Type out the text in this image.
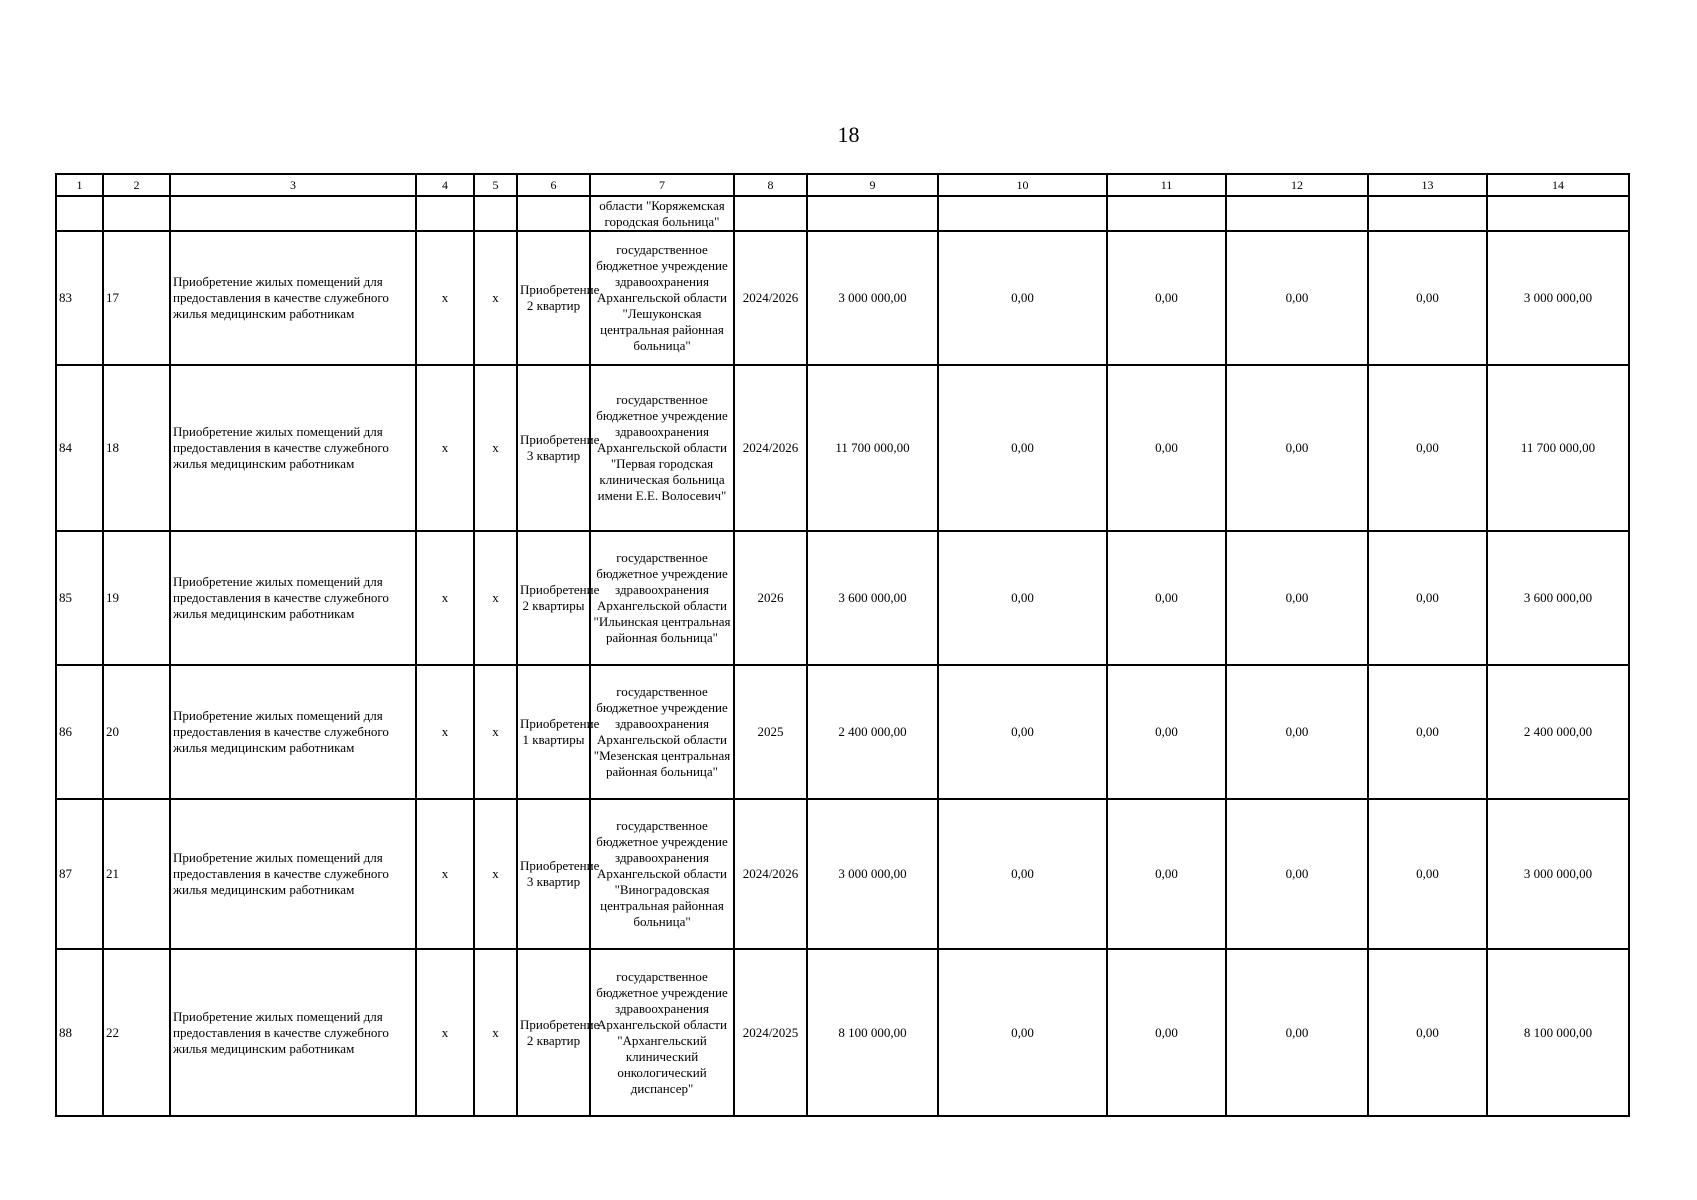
18
1	2	3	4	5	6	7	8	9	10	11	12	13	14
						области "Коряжемская городская больница"							
83	17	Приобретение жилых помещений для предоставления в качестве служебного жилья медицинским работникам	x	x	Приобретение 2 квартир	государственное бюджетное учреждение здравоохранения Архангельской области "Лешуконская центральная районная больница"	2024/2026	3 000 000,00	0,00	0,00	0,00	0,00	3 000 000,00
84	18	Приобретение жилых помещений для предоставления в качестве служебного жилья медицинским работникам	x	x	Приобретение 3 квартир	государственное бюджетное учреждение здравоохранения Архангельской области "Первая городская клиническая больница имени Е.Е. Волосевич"	2024/2026	11 700 000,00	0,00	0,00	0,00	0,00	11 700 000,00
85	19	Приобретение жилых помещений для предоставления в качестве служебного жилья медицинским работникам	x	x	Приобретение 2 квартиры	государственное бюджетное учреждение здравоохранения Архангельской области "Ильинская центральная районная больница"	2026	3 600 000,00	0,00	0,00	0,00	0,00	3 600 000,00
86	20	Приобретение жилых помещений для предоставления в качестве служебного жилья медицинским работникам	x	x	Приобретение 1 квартиры	государственное бюджетное учреждение здравоохранения Архангельской области "Мезенская центральная районная больница"	2025	2 400 000,00	0,00	0,00	0,00	0,00	2 400 000,00
87	21	Приобретение жилых помещений для предоставления в качестве служебного жилья медицинским работникам	x	x	Приобретение 3 квартир	государственное бюджетное учреждение здравоохранения Архангельской области "Виноградовская центральная районная больница"	2024/2026	3 000 000,00	0,00	0,00	0,00	0,00	3 000 000,00
88	22	Приобретение жилых помещений для предоставления в качестве служебного жилья медицинским работникам	x	x	Приобретение 2 квартир	государственное бюджетное учреждение здравоохранения Архангельской области "Архангельский клинический онкологический диспансер"	2024/2025	8 100 000,00	0,00	0,00	0,00	0,00	8 100 000,00
